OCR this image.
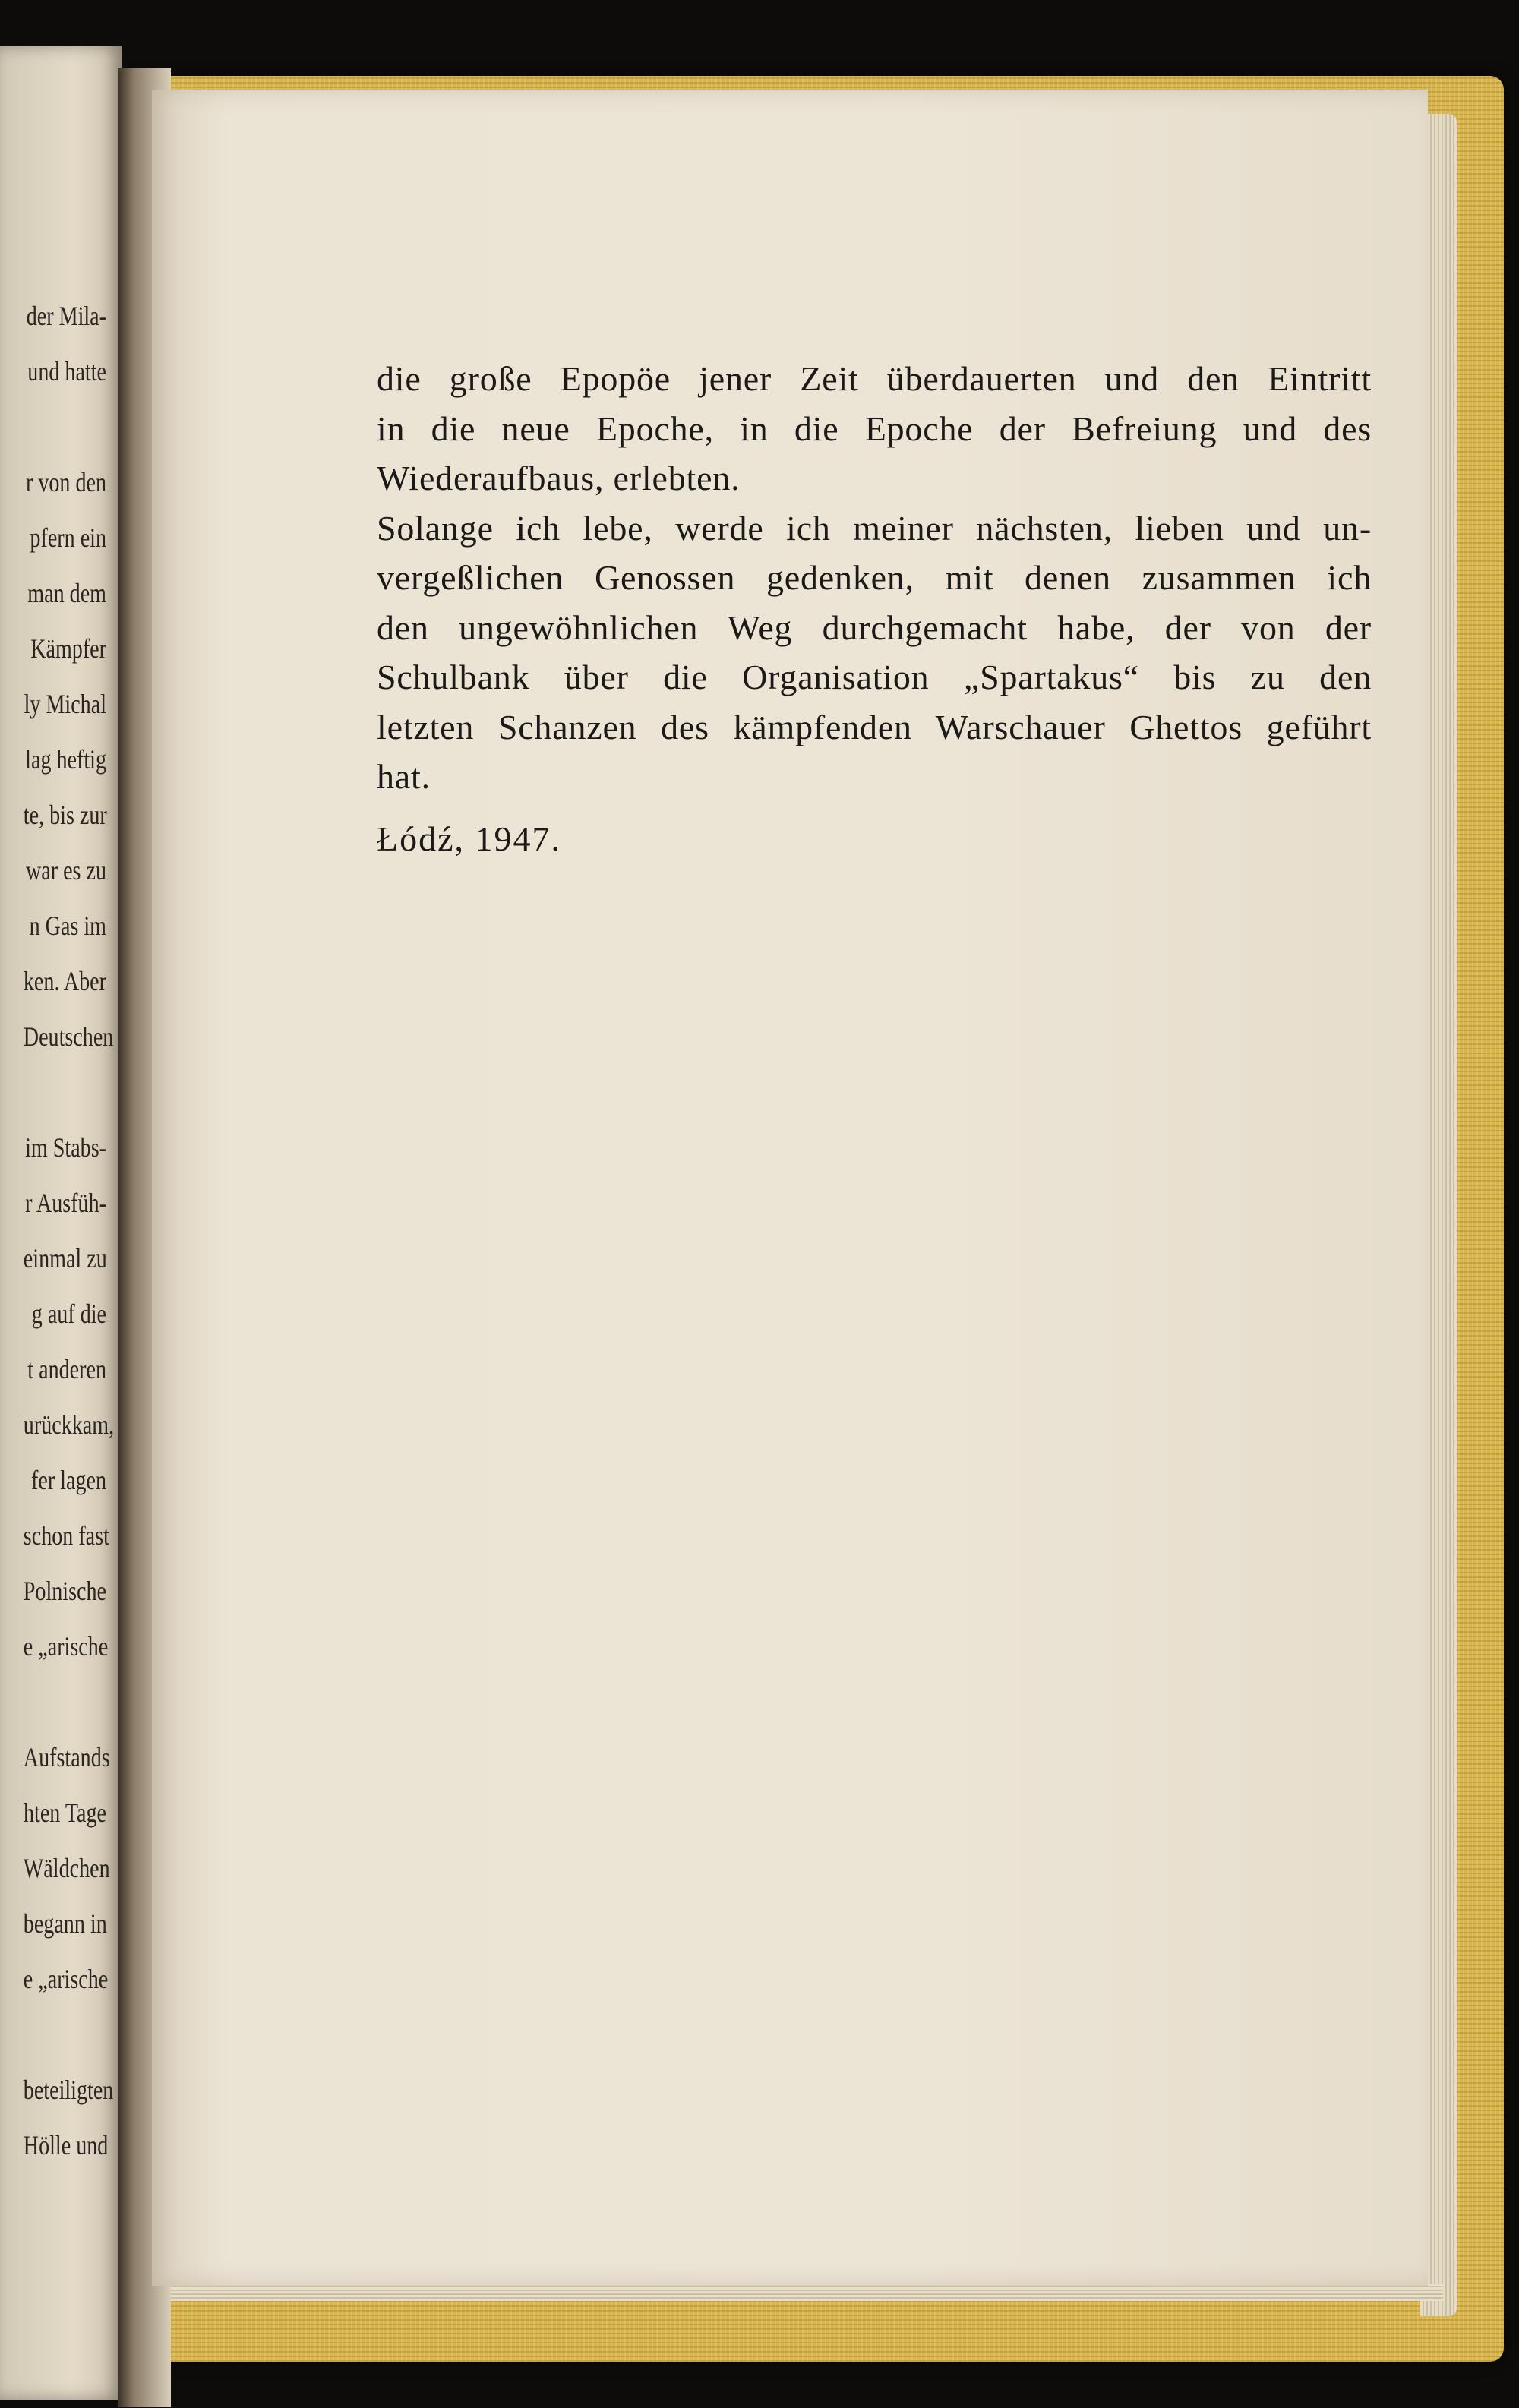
der Mila-
und hatte
r von den
pfern ein
man dem
Kämpfer
ly Michal
lag heftig
te, bis zur
war es zu
n Gas im
ken. Aber
Deutschen
im Stabs-
r Ausfüh-
einmal zu
g auf die
t anderen
urückkam,
fer lagen
schon fast
Polnische
e „arische
Aufstands
hten Tage
Wäldchen
begann in
e „arische
beteiligten
Hölle und
die große Epopöe jener Zeit überdauerten und den Eintritt
in die neue Epoche, in die Epoche der Befreiung und des
Wiederaufbaus, erlebten.
Solange ich lebe, werde ich meiner nächsten, lieben und un-
vergeßlichen Genossen gedenken, mit denen zusammen ich
den ungewöhnlichen Weg durchgemacht habe, der von der
Schulbank über die Organisation „Spartakus“ bis zu den
letzten Schanzen des kämpfenden Warschauer Ghettos geführt
hat.
Łódź, 1947.
